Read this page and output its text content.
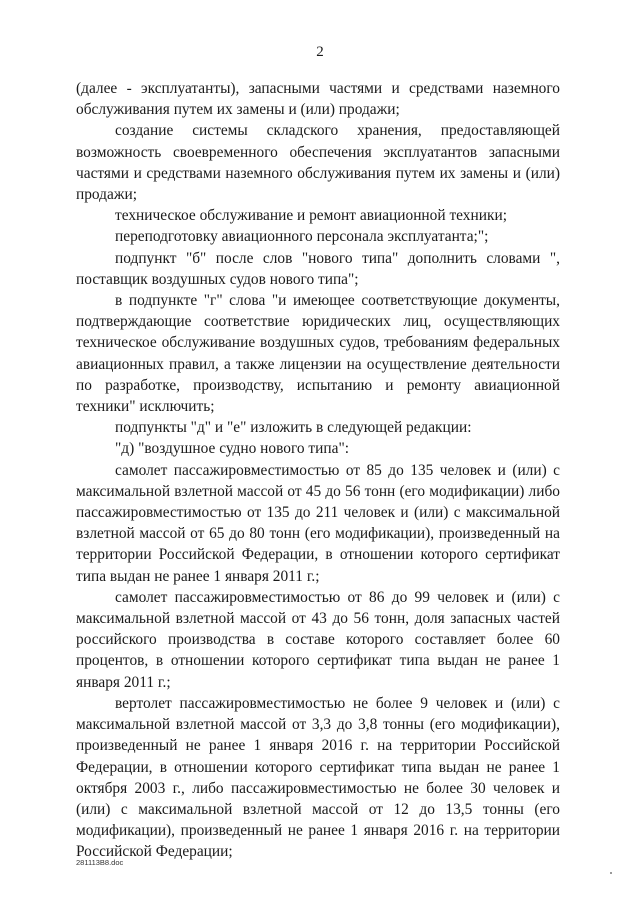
2

(далее - эксплуатанты), запасными частями и средствами наземного обслуживания путем их замены и (или) продажи;

создание системы складского хранения, предоставляющей возможность своевременного обеспечения эксплуатантов запасными частями и средствами наземного обслуживания путем их замены и (или) продажи;

техническое обслуживание и ремонт авиационной техники;

переподготовку авиационного персонала эксплуатанта;";

подпункт "б" после слов "нового типа" дополнить словами ", поставщик воздушных судов нового типа";

в подпункте "г" слова "и имеющее соответствующие документы, подтверждающие соответствие юридических лиц, осуществляющих техническое обслуживание воздушных судов, требованиям федеральных авиационных правил, а также лицензии на осуществление деятельности по разработке, производству, испытанию и ремонту авиационной техники" исключить;

подпункты "д" и "е" изложить в следующей редакции:

"д) "воздушное судно нового типа":

самолет пассажировместимостью от 85 до 135 человек и (или) с максимальной взлетной массой от 45 до 56 тонн (его модификации) либо пассажировместимостью от 135 до 211 человек и (или) с максимальной взлетной массой от 65 до 80 тонн (его модификации), произведенный на территории Российской Федерации, в отношении которого сертификат типа выдан не ранее 1 января 2011 г.;

самолет пассажировместимостью от 86 до 99 человек и (или) с максимальной взлетной массой от 43 до 56 тонн, доля запасных частей российского производства в составе которого составляет более 60 процентов, в отношении которого сертификат типа выдан не ранее 1 января 2011 г.;

вертолет пассажировместимостью не более 9 человек и (или) с максимальной взлетной массой от 3,3 до 3,8 тонны (его модификации), произведенный не ранее 1 января 2016 г. на территории Российской Федерации, в отношении которого сертификат типа выдан не ранее 1 октября 2003 г., либо пассажировместимостью не более 30 человек и (или) с максимальной взлетной массой от 12 до 13,5 тонны (его модификации), произведенный не ранее 1 января 2016 г. на территории Российской Федерации;

281113В8.doc
